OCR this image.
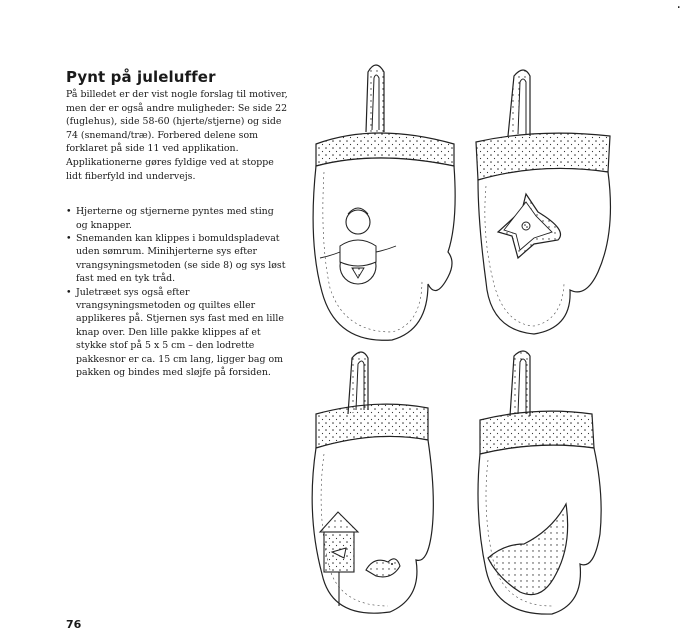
·
Pynt på juleluffer

På billedet er der vist nogle forslag til motiver, men der er også andre muligheder: Se side 22 (fuglehus), side 58-60 (hjerte/stjerne) og side 74 (snemand/træ). Forbered delene som forklaret på side 11 ved applikation. Applikationerne gøres fyldige ved at stoppe lidt fiberfyld ind undervejs.

• Hjerterne og stjernerne pyntes med sting og knapper.
• Snemanden kan klippes i bomuldspladevat uden sømrum. Minihjerterne sys efter vrangsyningsmetoden (se side 8) og sys løst fast med en tyk tråd.
• Juletræet sys også efter vrangsyningsmetoden og quiltes eller applikeres på. Stjernen sys fast med en lille knap over. Den lille pakke klippes af et stykke stof på 5 x 5 cm – den lodrette pakkesnor er ca. 15 cm lang, ligger bag om pakken og bindes med sløjfe på forsiden.
76
